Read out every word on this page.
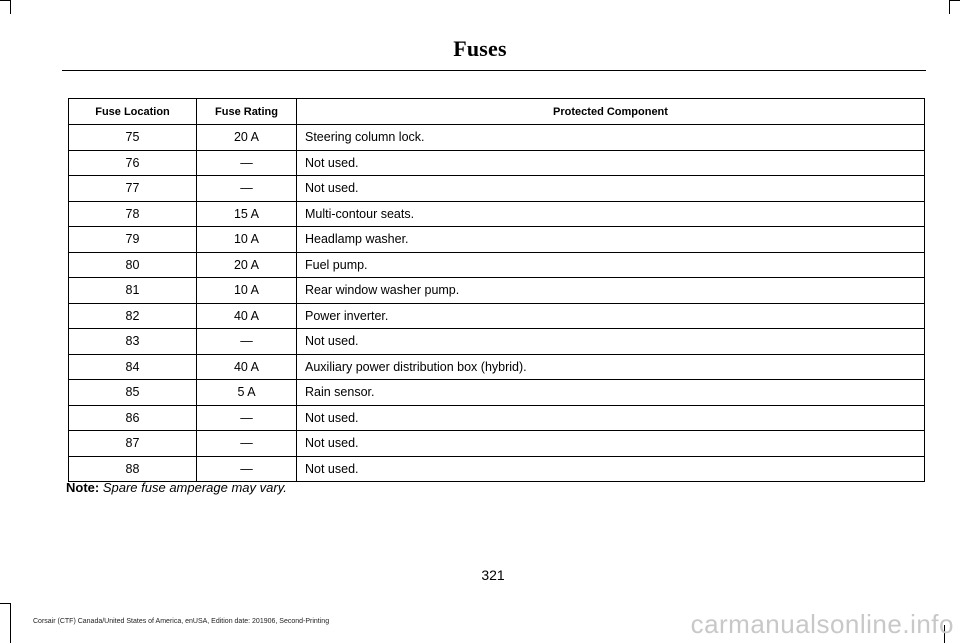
Fuses
Fuse Location	Fuse Rating	Protected Component
75	20 A	Steering column lock.
76	—	Not used.
77	—	Not used.
78	15 A	Multi-contour seats.
79	10 A	Headlamp washer.
80	20 A	Fuel pump.
81	10 A	Rear window washer pump.
82	40 A	Power inverter.
83	—	Not used.
84	40 A	Auxiliary power distribution box (hybrid).
85	5 A	Rain sensor.
86	—	Not used.
87	—	Not used.
88	—	Not used.
Note: Spare fuse amperage may vary.
321
Corsair (CTF) Canada/United States of America, enUSA, Edition date: 201906, Second-Printing	carmanualsonline.info
